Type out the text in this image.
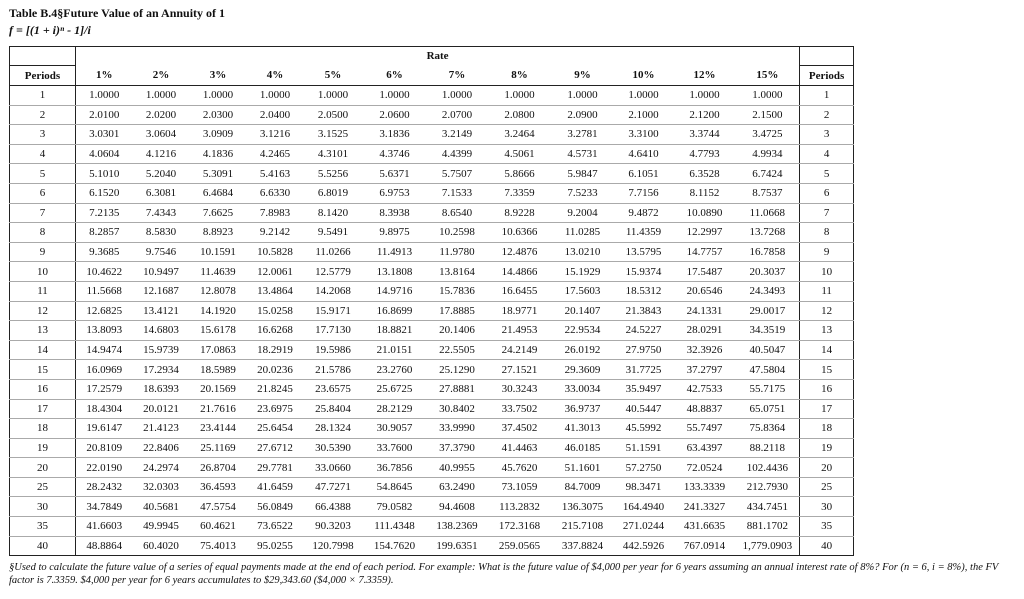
Table B.4§Future Value of an Annuity of 1
f = [(1 + i)ⁿ - 1]/i
	Rate												
Periods	1%	2%	3%	4%	5%	6%	7%	8%	9%	10%	12%	15%	Periods
1	1.0000	1.0000	1.0000	1.0000	1.0000	1.0000	1.0000	1.0000	1.0000	1.0000	1.0000	1.0000	1
2	2.0100	2.0200	2.0300	2.0400	2.0500	2.0600	2.0700	2.0800	2.0900	2.1000	2.1200	2.1500	2
3	3.0301	3.0604	3.0909	3.1216	3.1525	3.1836	3.2149	3.2464	3.2781	3.3100	3.3744	3.4725	3
4	4.0604	4.1216	4.1836	4.2465	4.3101	4.3746	4.4399	4.5061	4.5731	4.6410	4.7793	4.9934	4
5	5.1010	5.2040	5.3091	5.4163	5.5256	5.6371	5.7507	5.8666	5.9847	6.1051	6.3528	6.7424	5
6	6.1520	6.3081	6.4684	6.6330	6.8019	6.9753	7.1533	7.3359	7.5233	7.7156	8.1152	8.7537	6
7	7.2135	7.4343	7.6625	7.8983	8.1420	8.3938	8.6540	8.9228	9.2004	9.4872	10.0890	11.0668	7
8	8.2857	8.5830	8.8923	9.2142	9.5491	9.8975	10.2598	10.6366	11.0285	11.4359	12.2997	13.7268	8
9	9.3685	9.7546	10.1591	10.5828	11.0266	11.4913	11.9780	12.4876	13.0210	13.5795	14.7757	16.7858	9
10	10.4622	10.9497	11.4639	12.0061	12.5779	13.1808	13.8164	14.4866	15.1929	15.9374	17.5487	20.3037	10
11	11.5668	12.1687	12.8078	13.4864	14.2068	14.9716	15.7836	16.6455	17.5603	18.5312	20.6546	24.3493	11
12	12.6825	13.4121	14.1920	15.0258	15.9171	16.8699	17.8885	18.9771	20.1407	21.3843	24.1331	29.0017	12
13	13.8093	14.6803	15.6178	16.6268	17.7130	18.8821	20.1406	21.4953	22.9534	24.5227	28.0291	34.3519	13
14	14.9474	15.9739	17.0863	18.2919	19.5986	21.0151	22.5505	24.2149	26.0192	27.9750	32.3926	40.5047	14
15	16.0969	17.2934	18.5989	20.0236	21.5786	23.2760	25.1290	27.1521	29.3609	31.7725	37.2797	47.5804	15
16	17.2579	18.6393	20.1569	21.8245	23.6575	25.6725	27.8881	30.3243	33.0034	35.9497	42.7533	55.7175	16
17	18.4304	20.0121	21.7616	23.6975	25.8404	28.2129	30.8402	33.7502	36.9737	40.5447	48.8837	65.0751	17
18	19.6147	21.4123	23.4144	25.6454	28.1324	30.9057	33.9990	37.4502	41.3013	45.5992	55.7497	75.8364	18
19	20.8109	22.8406	25.1169	27.6712	30.5390	33.7600	37.3790	41.4463	46.0185	51.1591	63.4397	88.2118	19
20	22.0190	24.2974	26.8704	29.7781	33.0660	36.7856	40.9955	45.7620	51.1601	57.2750	72.0524	102.4436	20
25	28.2432	32.0303	36.4593	41.6459	47.7271	54.8645	63.2490	73.1059	84.7009	98.3471	133.3339	212.7930	25
30	34.7849	40.5681	47.5754	56.0849	66.4388	79.0582	94.4608	113.2832	136.3075	164.4940	241.3327	434.7451	30
35	41.6603	49.9945	60.4621	73.6522	90.3203	111.4348	138.2369	172.3168	215.7108	271.0244	431.6635	881.1702	35
40	48.8864	60.4020	75.4013	95.0255	120.7998	154.7620	199.6351	259.0565	337.8824	442.5926	767.0914	1,779.0903	40
§Used to calculate the future value of a series of equal payments made at the end of each period. For example: What is the future value of $4,000 per year for 6 years assuming an annual interest rate of 8%? For (n = 6, i = 8%), the FV factor is 7.3359. $4,000 per year for 6 years accumulates to $29,343.60 ($4,000 × 7.3359).
